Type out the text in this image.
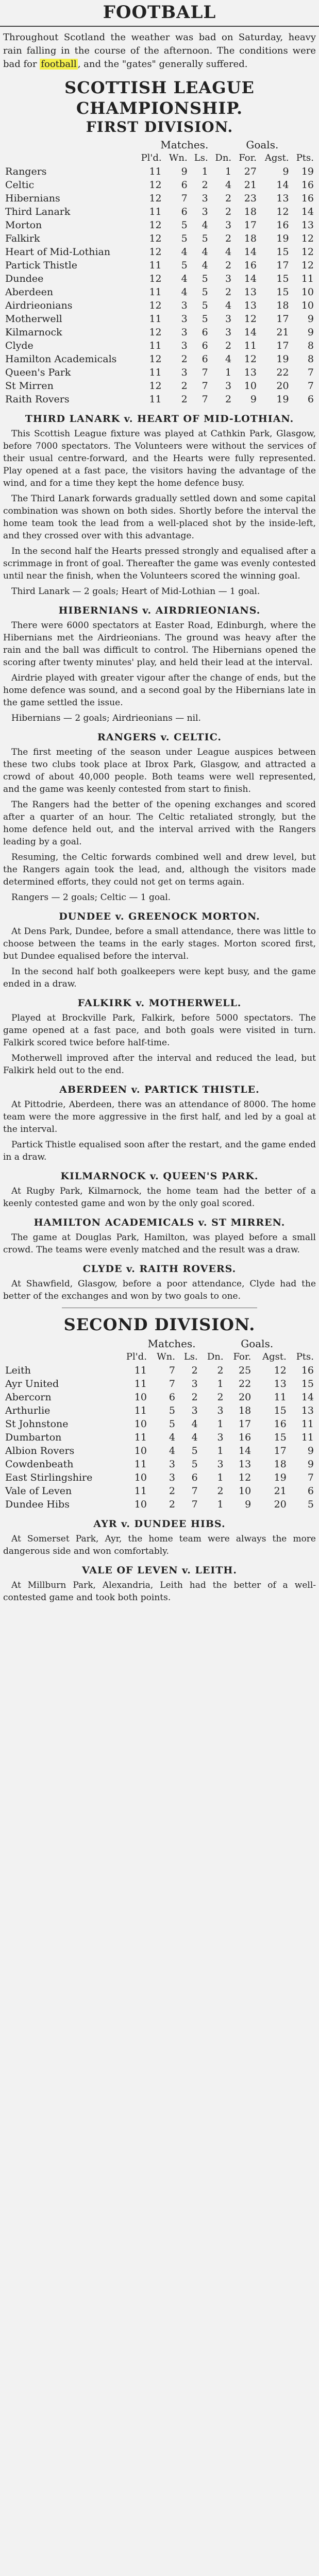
FOOTBALL

Throughout Scotland the weather was bad on Saturday, heavy rain falling in the course of the afternoon. The conditions were bad for football , and the "gates" generally suffered.

SCOTTISH LEAGUE CHAMPIONSHIP.
FIRST DIVISION.
	Matches.				Goals.		
	Pl'd.	Wn.	Ls.	Dn.	For.	Agst.	Pts.
Rangers	11	9	1	1	27	9	19
Celtic	12	6	2	4	21	14	16
Hibernians	12	7	3	2	23	13	16
Third Lanark	11	6	3	2	18	12	14
Morton	12	5	4	3	17	16	13
Falkirk	12	5	5	2	18	19	12
Heart of Mid-Lothian	12	4	4	4	14	15	12
Partick Thistle	11	5	4	2	16	17	12
Dundee	12	4	5	3	14	15	11
Aberdeen	11	4	5	2	13	15	10
Airdrieonians	12	3	5	4	13	18	10
Motherwell	11	3	5	3	12	17	9
Kilmarnock	12	3	6	3	14	21	9
Clyde	11	3	6	2	11	17	8
Hamilton Academicals	12	2	6	4	12	19	8
Queen's Park	11	3	7	1	13	22	7
St Mirren	12	2	7	3	10	20	7
Raith Rovers	11	2	7	2	9	19	6
THIRD LANARK v. HEART OF MID-LOTHIAN.

This Scottish League fixture was played at Cathkin Park, Glasgow, before 7000 spectators. The Volunteers were without the services of their usual centre-forward, and the Hearts were fully represented. Play opened at a fast pace, the visitors having the advantage of the wind, and for a time they kept the home defence busy.

The Third Lanark forwards gradually settled down and some capital combination was shown on both sides. Shortly before the interval the home team took the lead from a well-placed shot by the inside-left, and they crossed over with this advantage.

In the second half the Hearts pressed strongly and equalised after a scrimmage in front of goal. Thereafter the game was evenly contested until near the finish, when the Volunteers scored the winning goal.

Third Lanark — 2 goals; Heart of Mid-Lothian — 1 goal.

HIBERNIANS v. AIRDRIEONIANS.

There were 6000 spectators at Easter Road, Edinburgh, where the Hibernians met the Airdrieonians. The ground was heavy after the rain and the ball was difficult to control. The Hibernians opened the scoring after twenty minutes' play, and held their lead at the interval.

Airdrie played with greater vigour after the change of ends, but the home defence was sound, and a second goal by the Hibernians late in the game settled the issue.

Hibernians — 2 goals; Airdrieonians — nil.

RANGERS v. CELTIC.

The first meeting of the season under League auspices between these two clubs took place at Ibrox Park, Glasgow, and attracted a crowd of about 40,000 people. Both teams were well represented, and the game was keenly contested from start to finish.

The Rangers had the better of the opening exchanges and scored after a quarter of an hour. The Celtic retaliated strongly, but the home defence held out, and the interval arrived with the Rangers leading by a goal.

Resuming, the Celtic forwards combined well and drew level, but the Rangers again took the lead, and, although the visitors made determined efforts, they could not get on terms again.

Rangers — 2 goals; Celtic — 1 goal.

DUNDEE v. GREENOCK MORTON.

At Dens Park, Dundee, before a small attendance, there was little to choose between the teams in the early stages. Morton scored first, but Dundee equalised before the interval.

In the second half both goalkeepers were kept busy, and the game ended in a draw.

FALKIRK v. MOTHERWELL.

Played at Brockville Park, Falkirk, before 5000 spectators. The game opened at a fast pace, and both goals were visited in turn. Falkirk scored twice before half-time.

Motherwell improved after the interval and reduced the lead, but Falkirk held out to the end.

ABERDEEN v. PARTICK THISTLE.

At Pittodrie, Aberdeen, there was an attendance of 8000. The home team were the more aggressive in the first half, and led by a goal at the interval.

Partick Thistle equalised soon after the restart, and the game ended in a draw.

KILMARNOCK v. QUEEN'S PARK.

At Rugby Park, Kilmarnock, the home team had the better of a keenly contested game and won by the only goal scored.

HAMILTON ACADEMICALS v. ST MIRREN.

The game at Douglas Park, Hamilton, was played before a small crowd. The teams were evenly matched and the result was a draw.

CLYDE v. RAITH ROVERS.

At Shawfield, Glasgow, before a poor attendance, Clyde had the better of the exchanges and won by two goals to one.

SECOND DIVISION.
	Matches.				Goals.		
	Pl'd.	Wn.	Ls.	Dn.	For.	Agst.	Pts.
Leith	11	7	2	2	25	12	16
Ayr United	11	7	3	1	22	13	15
Abercorn	10	6	2	2	20	11	14
Arthurlie	11	5	3	3	18	15	13
St Johnstone	10	5	4	1	17	16	11
Dumbarton	11	4	4	3	16	15	11
Albion Rovers	10	4	5	1	14	17	9
Cowdenbeath	11	3	5	3	13	18	9
East Stirlingshire	10	3	6	1	12	19	7
Vale of Leven	11	2	7	2	10	21	6
Dundee Hibs	10	2	7	1	9	20	5
AYR v. DUNDEE HIBS.

At Somerset Park, Ayr, the home team were always the more dangerous side and won comfortably.

VALE OF LEVEN v. LEITH.

At Millburn Park, Alexandria, Leith had the better of a well-contested game and took both points.
